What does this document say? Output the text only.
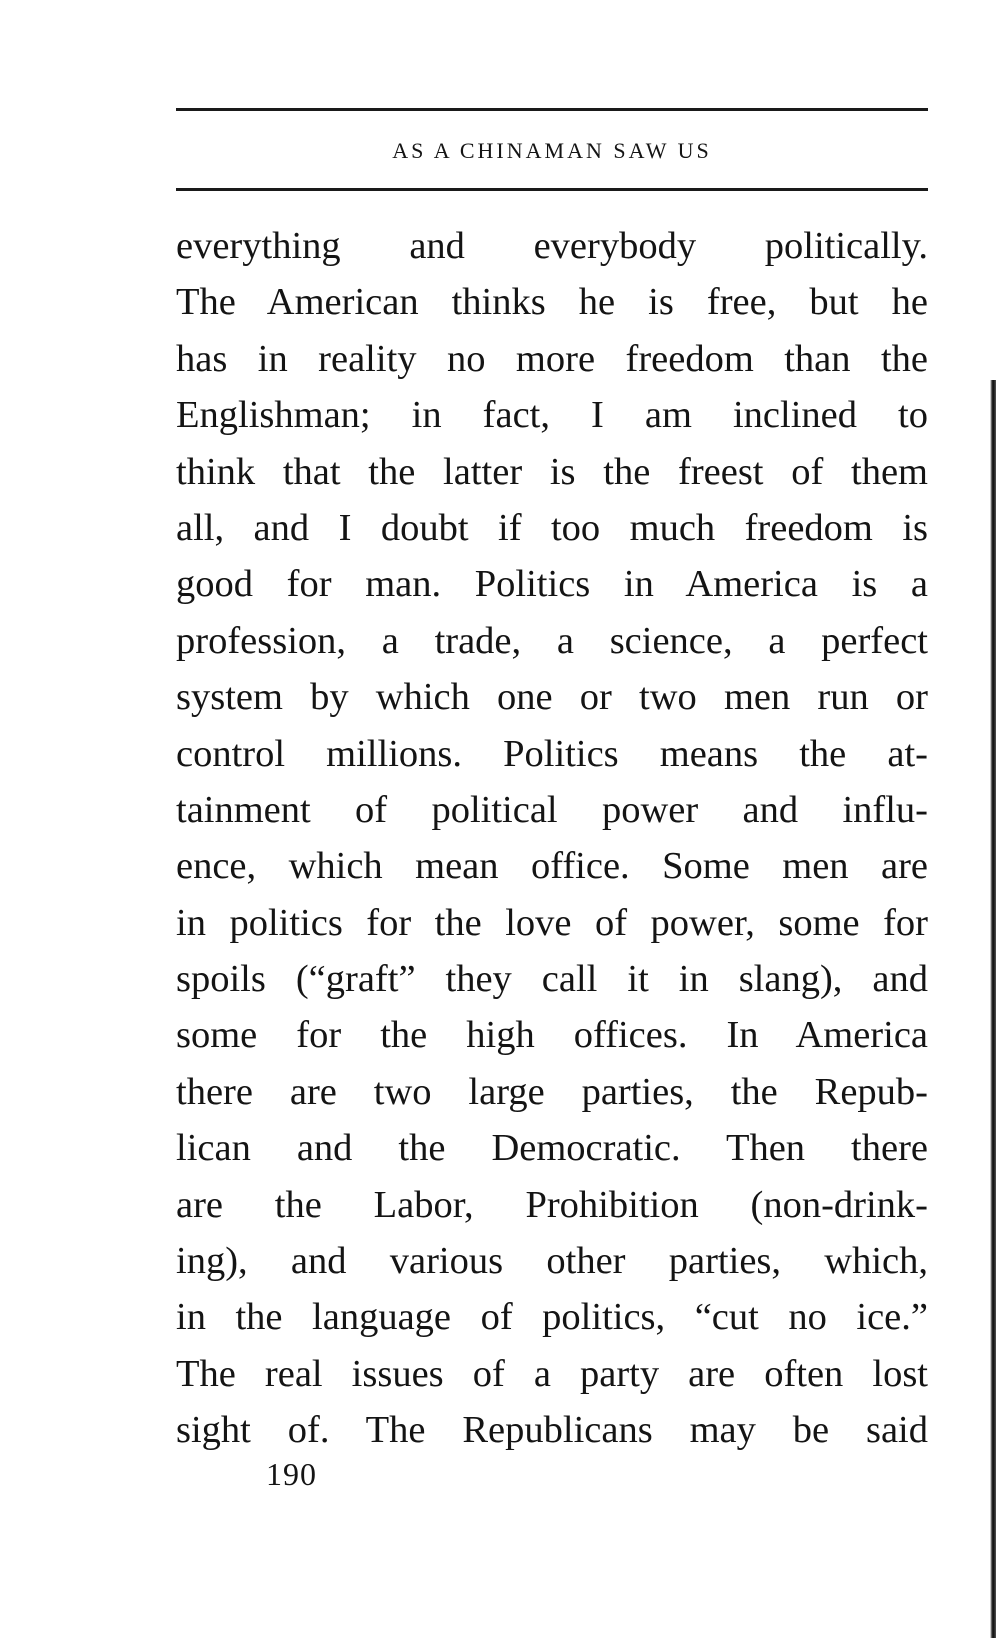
AS A CHINAMAN SAW US
everything and everybody politically.
The American thinks he is free, but he
has in reality no more freedom than the
Englishman; in fact, I am inclined to
think that the latter is the freest of them
all, and I doubt if too much freedom is
good for man. Politics in America is a
profession, a trade, a science, a perfect
system by which one or two men run or
control millions. Politics means the at-
tainment of political power and influ-
ence, which mean office. Some men are
in politics for the love of power, some for
spoils (“graft” they call it in slang), and
some for the high offices. In America
there are two large parties, the Repub-
lican and the Democratic. Then there
are the Labor, Prohibition (non-drink-
ing), and various other parties, which,
in the language of politics, “cut no ice.”
The real issues of a party are often lost
sight of. The Republicans may be said
190
